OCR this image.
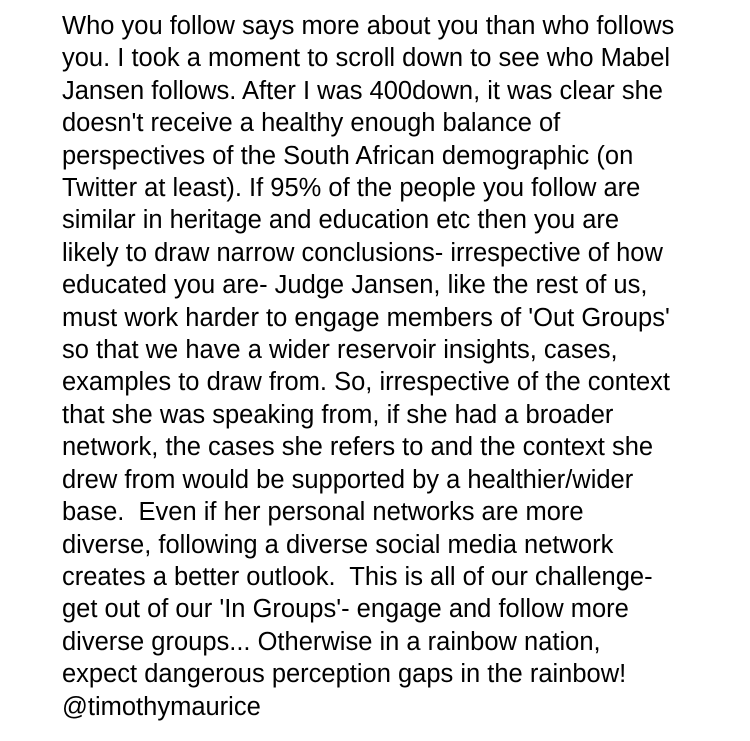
Who you follow says more about you than who follows
you. I took a moment to scroll down to see who Mabel
Jansen follows. After I was 400down, it was clear she
doesn't receive a healthy enough balance of
perspectives of the South African demographic (on
Twitter at least). If 95% of the people you follow are
similar in heritage and education etc then you are
likely to draw narrow conclusions- irrespective of how
educated you are- Judge Jansen, like the rest of us,
must work harder to engage members of 'Out Groups'
so that we have a wider reservoir insights, cases,
examples to draw from. So, irrespective of the context
that she was speaking from, if she had a broader
network, the cases she refers to and the context she
drew from would be supported by a healthier/wider
base.  Even if her personal networks are more
diverse, following a diverse social media network
creates a better outlook.  This is all of our challenge-
get out of our 'In Groups'- engage and follow more
diverse groups... Otherwise in a rainbow nation,
expect dangerous perception gaps in the rainbow!
@timothymaurice
